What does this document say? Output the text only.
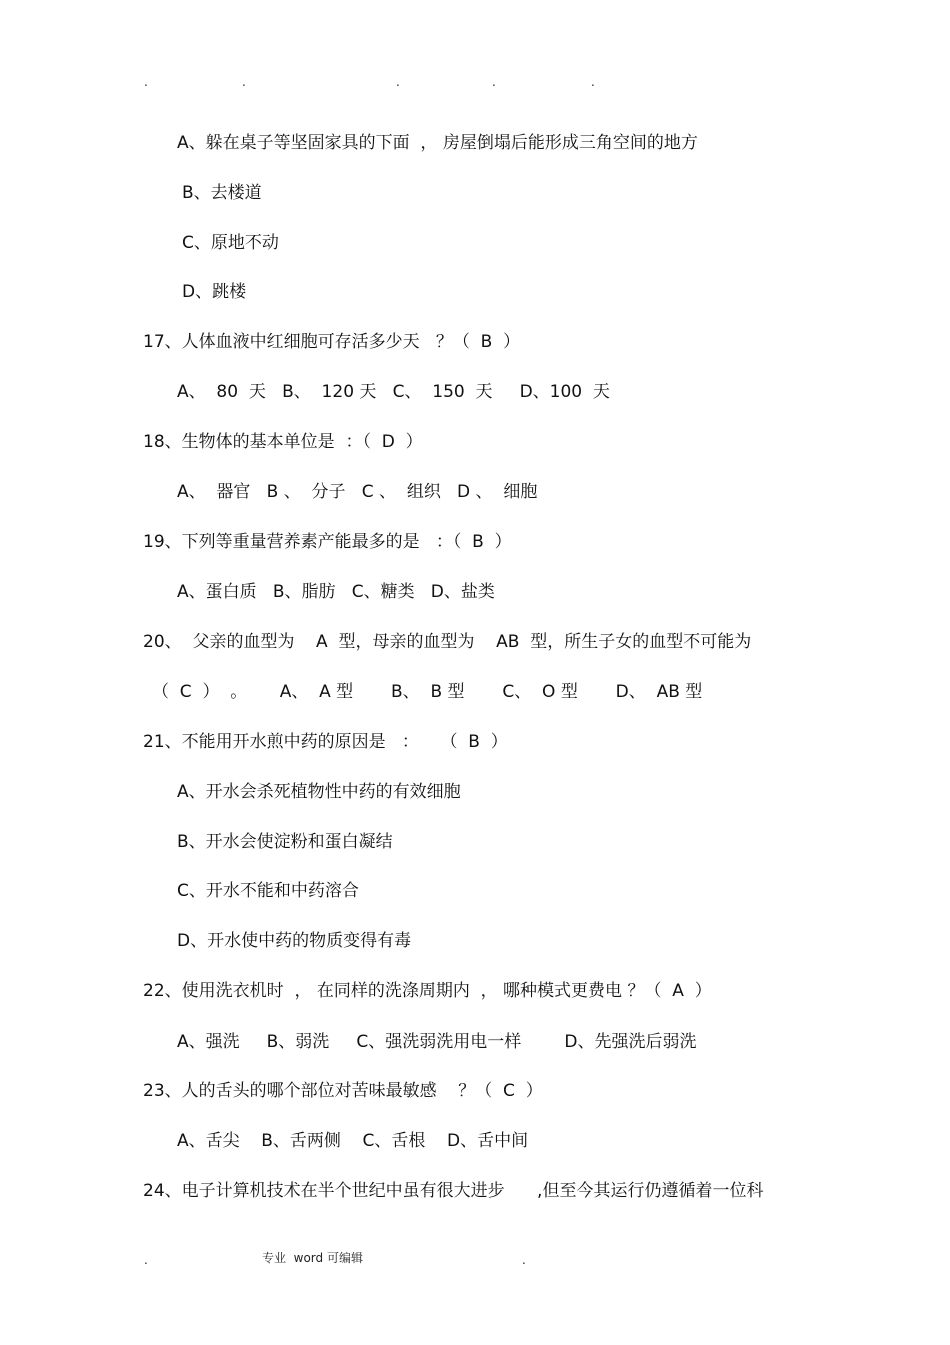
.	.	.	.	.
A、躲在桌子等坚固家具的下面  ， 房屋倒塌后能形成三角空间的地方
B、去楼道
C、原地不动
D、跳楼
17、人体血液中红细胞可存活多少天   ？（  B  ）
A、  80  天   B、  120 天   C、  150  天     D、100  天
18、生物体的基本单位是  ：（  D  ）
A、  器官   B 、  分子   C 、  组织   D 、  细胞
19、下列等重量营养素产能最多的是   ：（  B  ）
A、蛋白质   B、脂肪   C、糖类   D、盐类
20、  父亲的血型为    A  型，母亲的血型为    AB  型，所生子女的血型不可能为
（  C  ）  。      A、  A 型       B、  B 型       C、  O 型       D、  AB 型
21、不能用开水煎中药的原因是   ：    （  B  ）
A、开水会杀死植物性中药的有效细胞
B、开水会使淀粉和蛋白凝结
C、开水不能和中药溶合
D、开水使中药的物质变得有毒
22、使用洗衣机时  ， 在同样的洗涤周期内  ， 哪种模式更费电 ？（  A  ）
A、强洗     B、弱洗     C、强洗弱洗用电一样        D、先强洗后弱洗
23、人的舌头的哪个部位对苦味最敏感    ？（  C  ）
A、舌尖    B、舌两侧    C、舌根    D、舌中间
24、电子计算机技术在半个世纪中虽有很大进步      ,但至今其运行仍遵循着一位科
.	专业  word 可编辑	.
